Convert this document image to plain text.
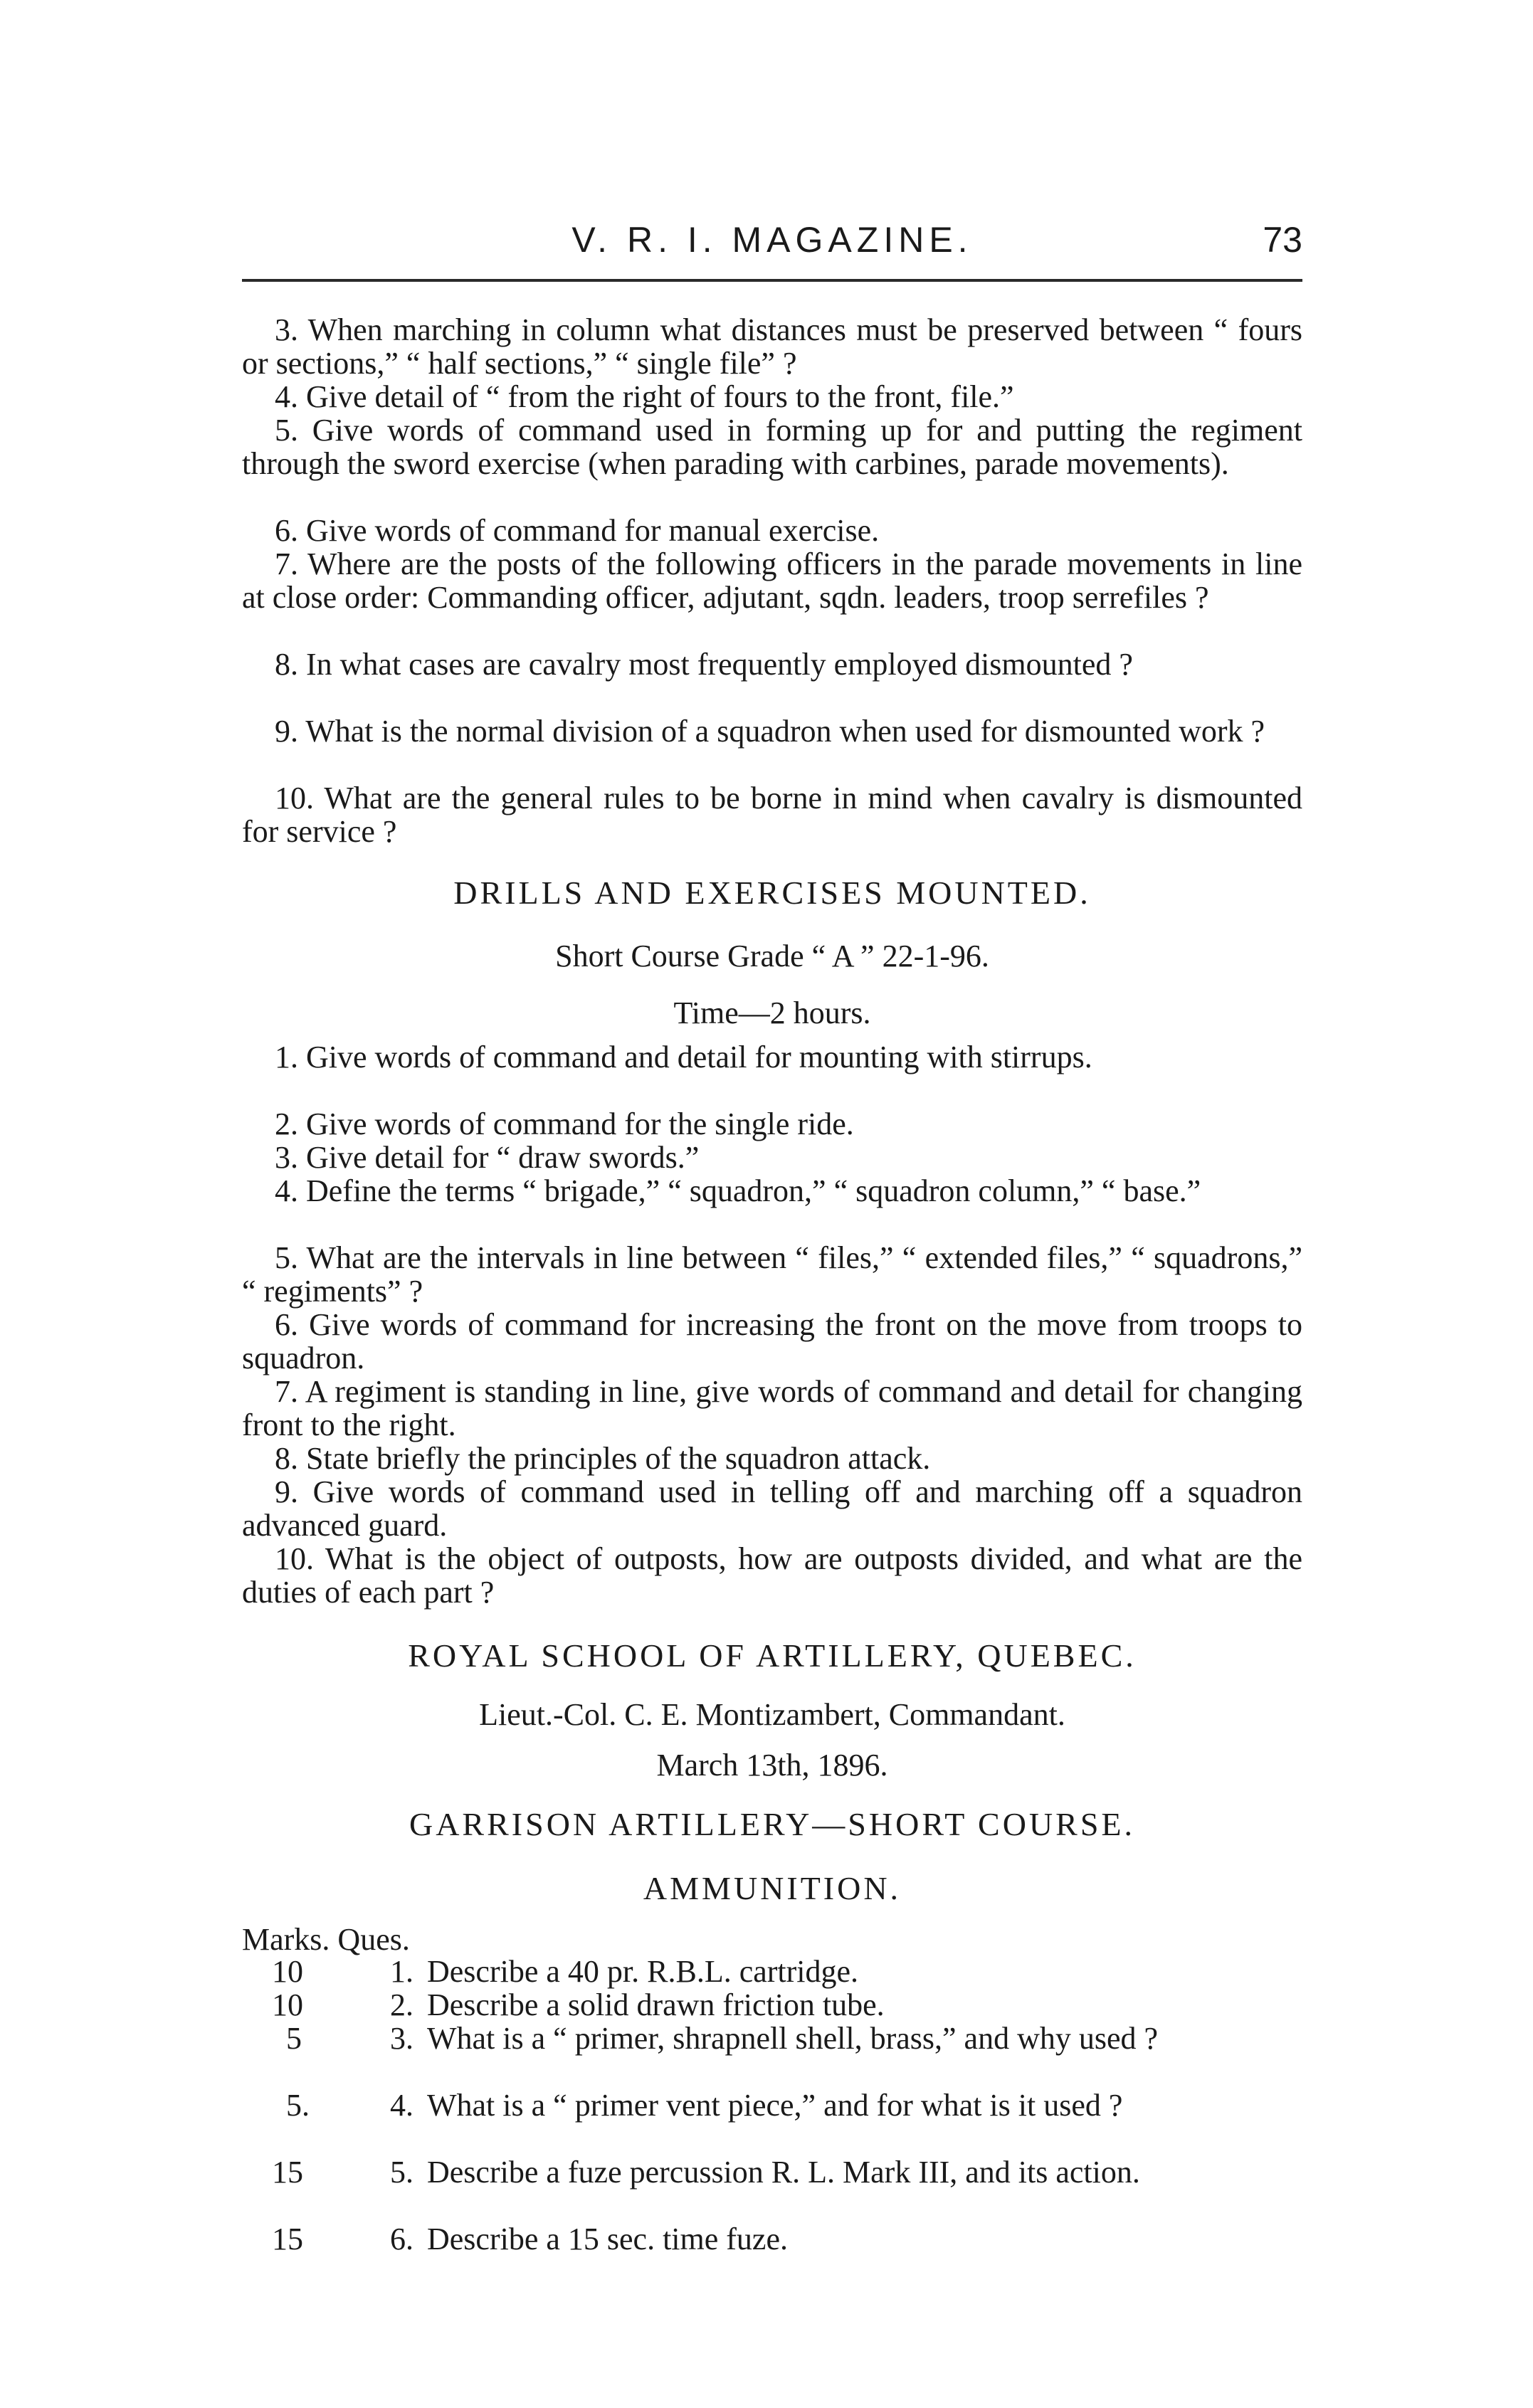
V. R. I. MAGAZINE.	73
3. When marching in column what distances must be preserved between “ fours or sections,” “ half sections,” “ single file” ?
4. Give detail of “ from the right of fours to the front, file.”
5. Give words of command used in forming up for and putting the regiment through the sword exercise (when parading with carbines, parade movements).
6. Give words of command for manual exercise.
7. Where are the posts of the following officers in the parade movements in line at close order: Commanding officer, adjutant, sqdn. leaders, troop serrefiles ?
8. In what cases are cavalry most frequently employed dismounted ?
9. What is the normal division of a squadron when used for dismounted work ?
10. What are the general rules to be borne in mind when cavalry is dismounted for service ?
DRILLS AND EXERCISES MOUNTED.
Short Course Grade “ A ” 22-1-96.
Time—2 hours.
1. Give words of command and detail for mounting with stirrups.
2. Give words of command for the single ride.
3. Give detail for “ draw swords.”
4. Define the terms “ brigade,” “ squadron,” “ squadron column,” “ base.”
5. What are the intervals in line between “ files,” “ extended files,” “ squadrons,” “ regiments” ?
6. Give words of command for increasing the front on the move from troops to squadron.
7. A regiment is standing in line, give words of command and detail for changing front to the right.
8. State briefly the principles of the squadron attack.
9. Give words of command used in telling off and marching off a squadron advanced guard.
10. What is the object of outposts, how are outposts divided, and what are the duties of each part ?
ROYAL SCHOOL OF ARTILLERY, QUEBEC.
Lieut.-Col. C. E. Montizambert, Commandant.
March 13th, 1896.
GARRISON ARTILLERY—SHORT COURSE.
AMMUNITION.
Marks. Ques.
10	1. Describe a 40 pr. R.B.L. cartridge.
10	2. Describe a solid drawn friction tube.
5	3. What is a “ primer, shrapnell shell, brass,” and why used ?
5.	4. What is a “ primer vent piece,” and for what is it used ?
15	5. Describe a fuze percussion R. L. Mark III, and its action.
15	6. Describe a 15 sec. time fuze.
